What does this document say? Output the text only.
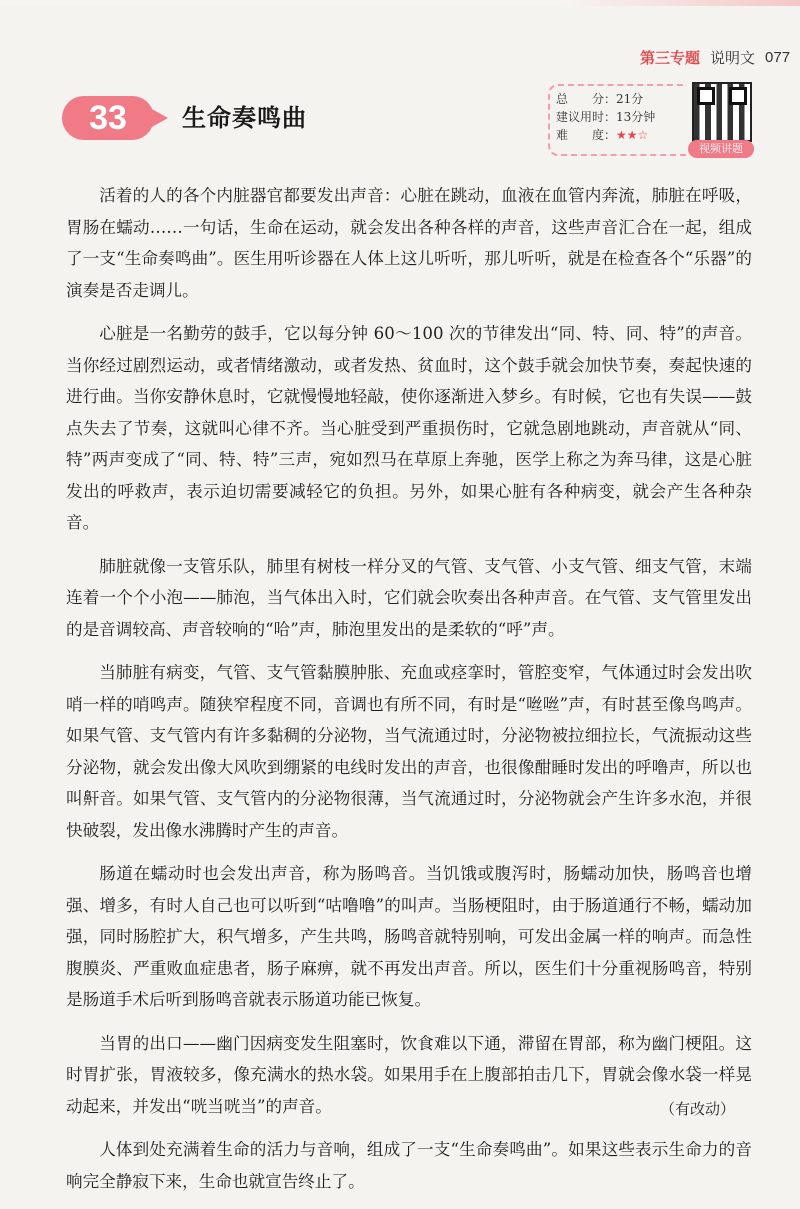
第三专题 说明文 077
33	生命奏鸣曲
总　　分： 21分
建议用时： 13分钟
难　　度： ★★☆
视频讲题

活着的人的各个内脏器官都要发出声音：心脏在跳动，血液在血管内奔流，肺脏在呼吸，胃肠在蠕动……一句话，生命在运动，就会发出各种各样的声音，这些声音汇合在一起，组成了一支“生命奏鸣曲”。医生用听诊器在人体上这儿听听，那儿听听，就是在检查各个“乐器”的演奏是否走调儿。

心脏是一名勤劳的鼓手，它以每分钟 60～100 次的节律发出“同、特、同、特”的声音。当你经过剧烈运动，或者情绪激动，或者发热、贫血时，这个鼓手就会加快节奏，奏起快速的进行曲。当你安静休息时，它就慢慢地轻敲，使你逐渐进入梦乡。有时候，它也有失误——鼓点失去了节奏，这就叫心律不齐。当心脏受到严重损伤时，它就急剧地跳动，声音就从“同、特”两声变成了“同、特、特”三声，宛如烈马在草原上奔驰，医学上称之为奔马律，这是心脏发出的呼救声，表示迫切需要减轻它的负担。另外，如果心脏有各种病变，就会产生各种杂音。

肺脏就像一支管乐队，肺里有树枝一样分叉的气管、支气管、小支气管、细支气管，末端连着一个个小泡——肺泡，当气体出入时，它们就会吹奏出各种声音。在气管、支气管里发出的是音调较高、声音较响的“哈”声，肺泡里发出的是柔软的“呼”声。

当肺脏有病变，气管、支气管黏膜肿胀、充血或痉挛时，管腔变窄，气体通过时会发出吹哨一样的哨鸣声。随狭窄程度不同，音调也有所不同，有时是“咝咝”声，有时甚至像鸟鸣声。如果气管、支气管内有许多黏稠的分泌物，当气流通过时，分泌物被拉细拉长，气流振动这些分泌物，就会发出像大风吹到绷紧的电线时发出的声音，也很像酣睡时发出的呼噜声，所以也叫鼾音。如果气管、支气管内的分泌物很薄，当气流通过时，分泌物就会产生许多水泡，并很快破裂，发出像水沸腾时产生的声音。

肠道在蠕动时也会发出声音，称为肠鸣音。当饥饿或腹泻时，肠蠕动加快，肠鸣音也增强、增多，有时人自己也可以听到“咕噜噜”的叫声。当肠梗阻时，由于肠道通行不畅，蠕动加强，同时肠腔扩大，积气增多，产生共鸣，肠鸣音就特别响，可发出金属一样的响声。而急性腹膜炎、严重败血症患者，肠子麻痹，就不再发出声音。所以，医生们十分重视肠鸣音，特别是肠道手术后听到肠鸣音就表示肠道功能已恢复。

当胃的出口——幽门因病变发生阻塞时，饮食难以下通，滞留在胃部，称为幽门梗阻。这时胃扩张，胃液较多，像充满水的热水袋。如果用手在上腹部拍击几下，胃就会像水袋一样晃动起来，并发出“咣当咣当”的声音。

人体到处充满着生命的活力与音响，组成了一支“生命奏鸣曲”。如果这些表示生命力的音响完全静寂下来，生命也就宣告终止了。

（有改动）
